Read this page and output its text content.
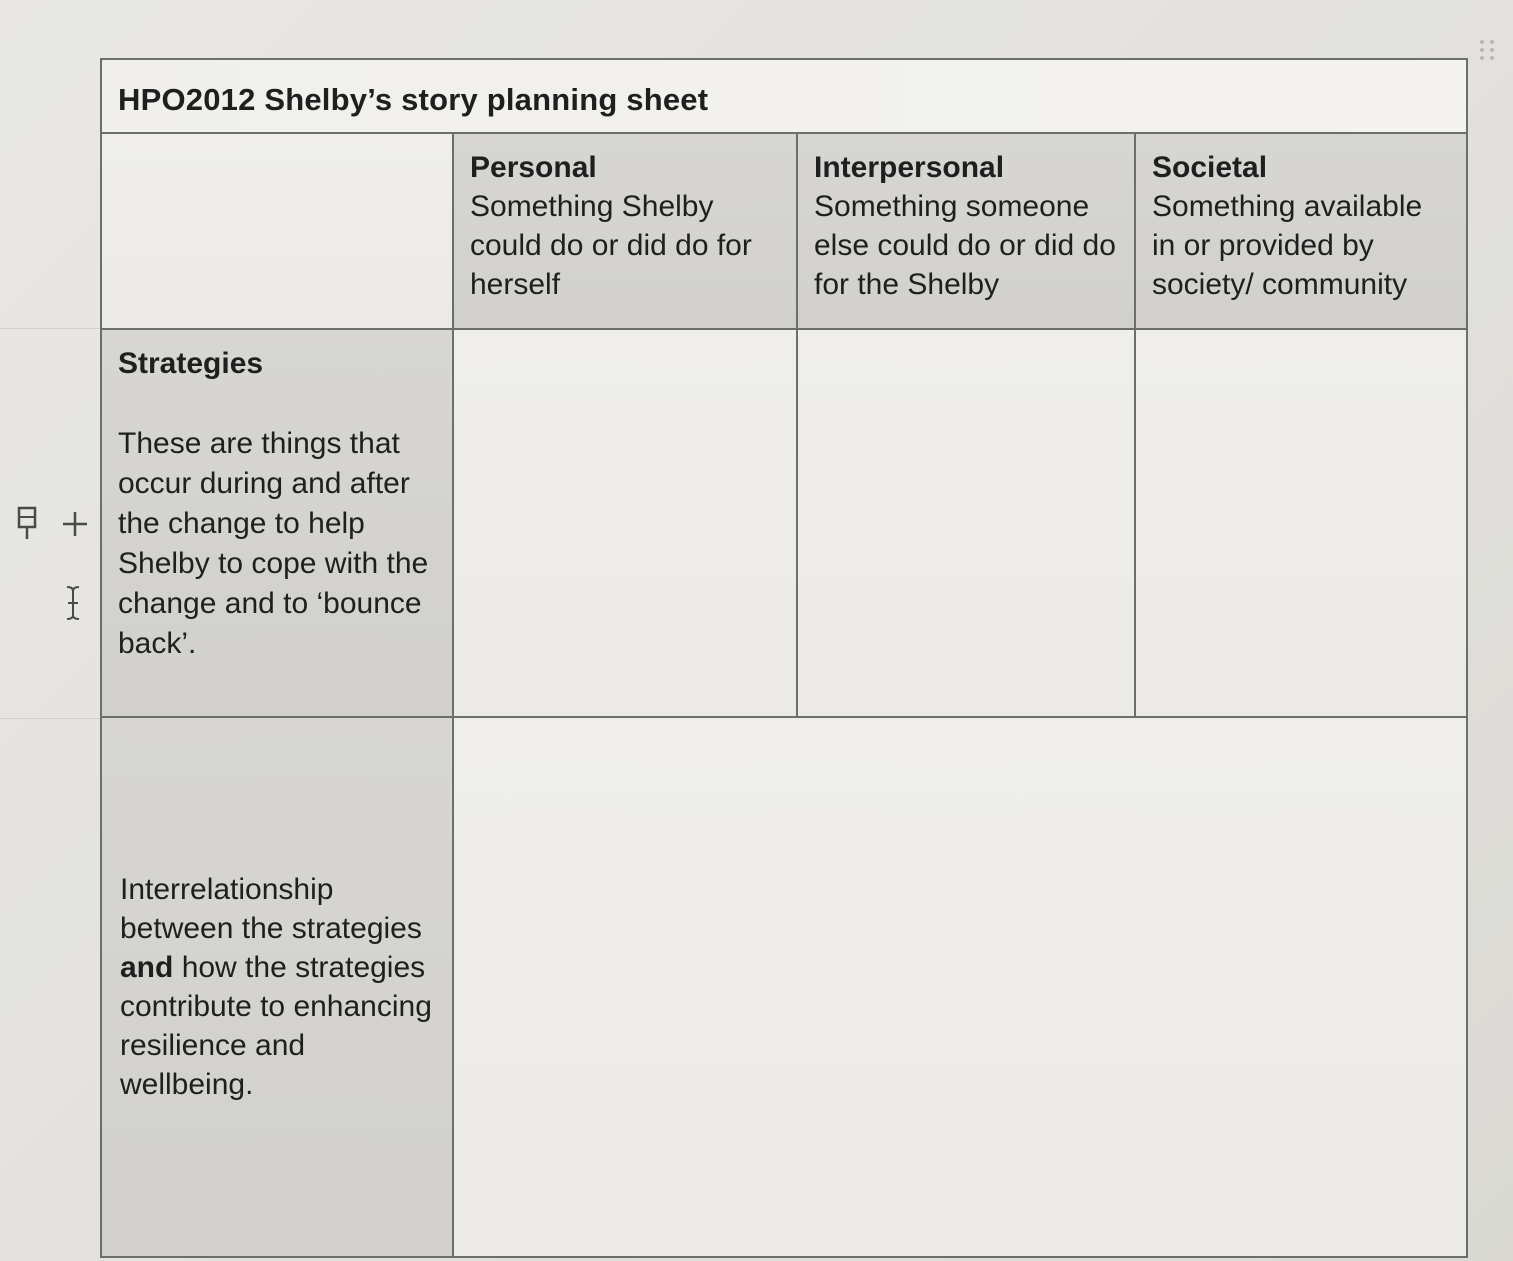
HPO2012 Shelby’s story planning sheet
Personal
Something Shelby could do or did do for herself
Interpersonal
Something someone else could do or did do for the Shelby
Societal
Something available in or provided by society/ community
Strategies
These are things that occur during and after the change to help Shelby to cope with the change and to ‘bounce back’.
Interrelationship between the strategies and how the strategies contribute to enhancing resilience and wellbeing.
